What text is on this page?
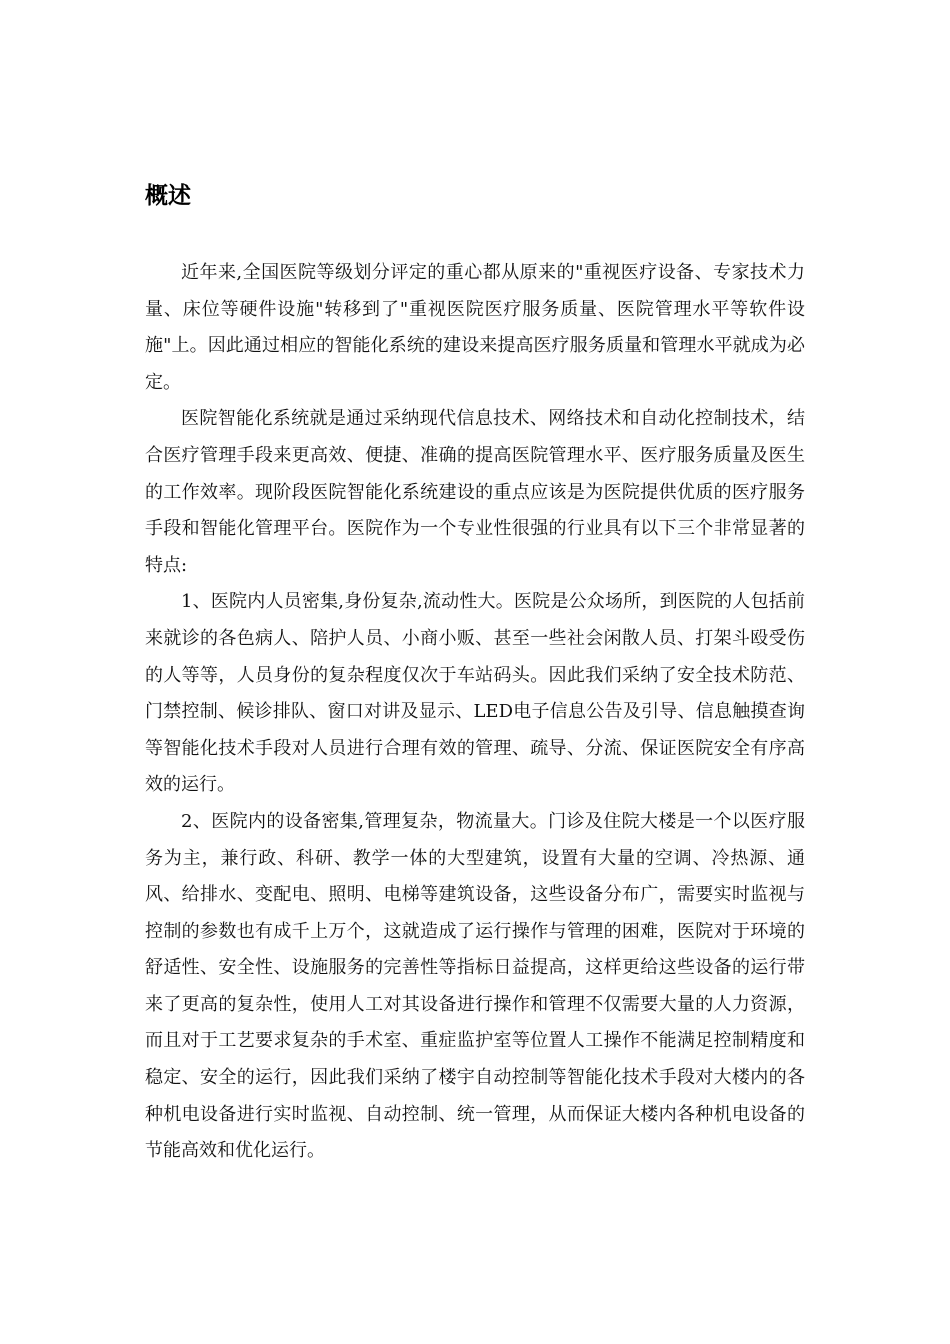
概述

近年来,全国医院等级划分评定的重心都从原来的"重视医疗设备、专家技术力量、床位等硬件设施"转移到了"重视医院医疗服务质量、医院管理水平等软件设施"上。因此通过相应的智能化系统的建设来提高医疗服务质量和管理水平就成为必定。

医院智能化系统就是通过采纳现代信息技术、网络技术和自动化控制技术，结合医疗管理手段来更高效、便捷、准确的提高医院管理水平、医疗服务质量及医生的工作效率。现阶段医院智能化系统建设的重点应该是为医院提供优质的医疗服务手段和智能化管理平台。医院作为一个专业性很强的行业具有以下三个非常显著的特点:

1、医院内人员密集,身份复杂,流动性大。医院是公众场所，到医院的人包括前来就诊的各色病人、陪护人员、小商小贩、甚至一些社会闲散人员、打架斗殴受伤的人等等，人员身份的复杂程度仅次于车站码头。因此我们采纳了安全技术防范、门禁控制、候诊排队、窗口对讲及显示、LED电子信息公告及引导、信息触摸查询等智能化技术手段对人员进行合理有效的管理、疏导、分流、保证医院安全有序高效的运行。

2、医院内的设备密集,管理复杂，物流量大。门诊及住院大楼是一个以医疗服务为主，兼行政、科研、教学一体的大型建筑，设置有大量的空调、冷热源、通风、给排水、变配电、照明、电梯等建筑设备，这些设备分布广，需要实时监视与控制的参数也有成千上万个，这就造成了运行操作与管理的困难，医院对于环境的舒适性、安全性、设施服务的完善性等指标日益提高，这样更给这些设备的运行带来了更高的复杂性，使用人工对其设备进行操作和管理不仅需要大量的人力资源，而且对于工艺要求复杂的手术室、重症监护室等位置人工操作不能满足控制精度和稳定、安全的运行，因此我们采纳了楼宇自动控制等智能化技术手段对大楼内的各种机电设备进行实时监视、自动控制、统一管理，从而保证大楼内各种机电设备的节能高效和优化运行。
